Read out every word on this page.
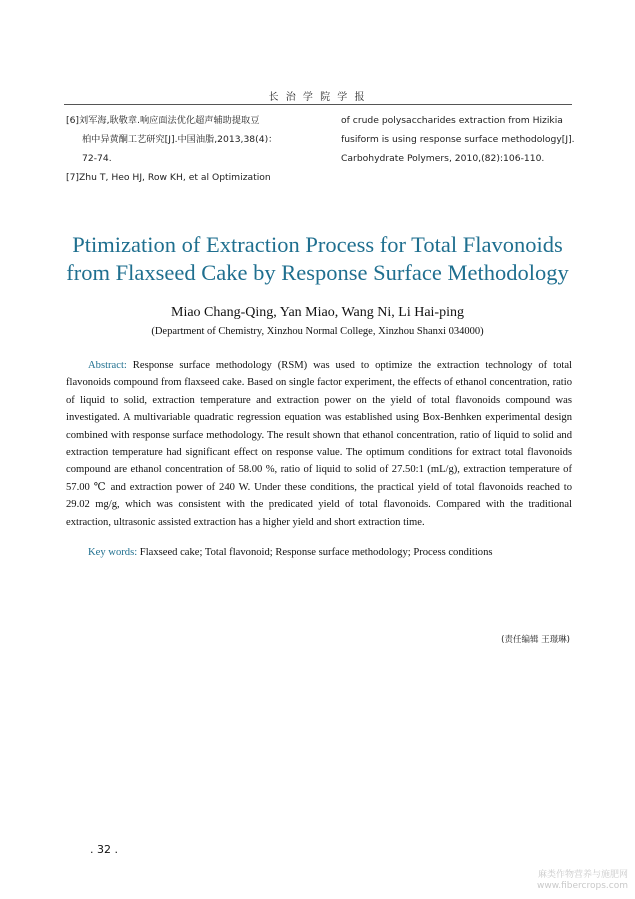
长 治 学 院 学 报
[6]刘军海,耿敬章.响应面法优化超声辅助提取豆
柏中异黄酮工艺研究[J].中国油脂,2013,38(4)：
72-74.
[7]Zhu T, Heo HJ, Row KH, et al Optimization
of crude polysaccharides extraction from Hizikia
fusiform is using response surface methodology[J].
Carbohydrate Polymers, 2010,(82):106-110.
Ptimization of Extraction Process for Total Flavonoids
from Flaxseed Cake by Response Surface Methodology
Miao Chang-Qing, Yan Miao, Wang Ni, Li Hai-ping
(Department of Chemistry, Xinzhou Normal College, Xinzhou Shanxi 034000)
Abstract: Response surface methodology (RSM) was used to optimize the extraction technology of total flavonoids compound from flaxseed cake. Based on single factor experiment, the effects of ethanol concentration, ratio of liquid to solid, extraction temperature and extraction power on the yield of total flavonoids compound was investigated. A multivariable quadratic regression equation was established using Box-Benhken experimental design combined with response surface methodology. The result shown that ethanol concentration, ratio of liquid to solid and extraction temperature had significant effect on response value. The optimum conditions for extract total flavonoids compound are ethanol concentration of 58.00 %, ratio of liquid to solid of 27.50:1 (mL/g), extraction temperature of 57.00 ℃ and extraction power of 240 W. Under these conditions, the practical yield of total flavonoids reached to 29.02 mg/g, which was consistent with the predicated yield of total flavonoids. Compared with the traditional extraction, ultrasonic assisted extraction has a higher yield and short extraction time.
Key words: Flaxseed cake; Total flavonoid; Response surface methodology; Process conditions
(责任编辑 王璟琳)
. 32 .
麻类作物营养与施肥网
www.fibercrops.com
